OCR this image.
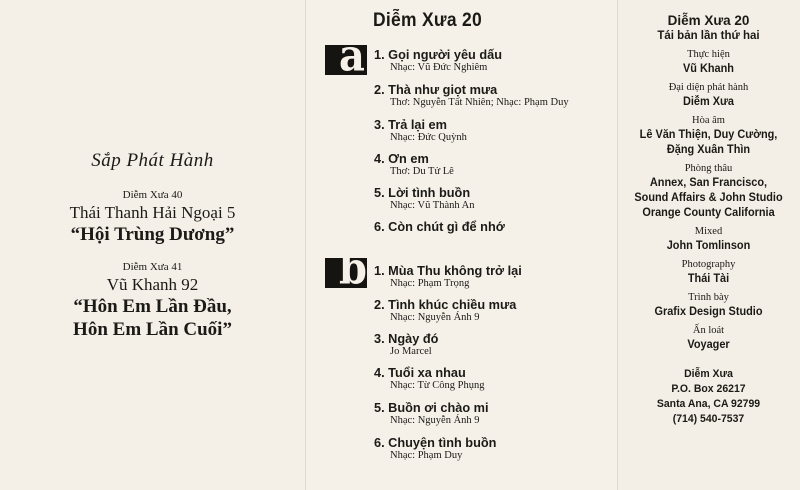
Sắp Phát Hành

Diễm Xưa 40

Thái Thanh Hải Ngoại 5

“Hội Trùng Dương”

Diễm Xưa 41

Vũ Khanh 92

“Hôn Em Lần Đầu,

Hôn Em Lần Cuối”

Diễm Xưa 20
a
b
1. Gọi người yêu dấu
Nhạc: Vũ Đức Nghiêm
2. Thà như giọt mưa
Thơ: Nguyễn Tất Nhiên; Nhạc: Phạm Duy
3. Trả lại em
Nhạc: Đức Quỳnh
4. Ơn em
Thơ: Du Tử Lê
5. Lời tình buồn
Nhạc: Vũ Thành An
6. Còn chút gì để nhớ
1. Mùa Thu không trở lại
Nhạc: Phạm Trọng
2. Tình khúc chiều mưa
Nhạc: Nguyễn Ánh 9
3. Ngày đó
Jo Marcel
4. Tuổi xa nhau
Nhạc: Từ Công Phụng
5. Buồn ơi chào mi
Nhạc: Nguyễn Ánh 9
6. Chuyện tình buồn
Nhạc: Phạm Duy
Diễm Xưa 20
Tái bản lần thứ hai
Thực hiện
Vũ Khanh
Đại diện phát hành
Diễm Xưa
Hòa âm
Lê Văn Thiện, Duy Cường,
Đặng Xuân Thìn
Phòng thâu
Annex, San Francisco,
Sound Affairs & John Studio
Orange County California
Mixed
John Tomlinson
Photography
Thái Tài
Trình bày
Grafix Design Studio
Ấn loát
Voyager
Diễm Xưa
P.O. Box 26217
Santa Ana, CA 92799
(714) 540-7537
